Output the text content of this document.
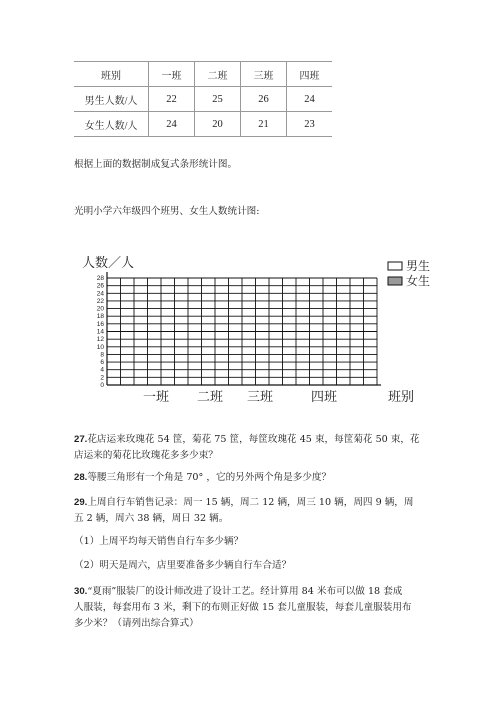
班别	一班	二班	三班	四班
男生人数/人	22	25	26	24
女生人数/人	24	20	21	23
根据上面的数据制成复式条形统计图。
光明小学六年级四个班男、女生人数统计图:
人数／人
0
2
4
6
8
10
12
14
16
18
20
22
24
26
28
一班 二班 三班	四班	班别
男生
女生
27.花店运来玫瑰花 54 筐，菊花 75 筐，每筐玫瑰花 45 束，每筐菊花 50 束，花
店运来的菊花比玫瑰花多多少束？
28.等腰三角形有一个角是 70° ，它的另外两个角是多少度？
29.上周自行车销售记录：周一 15 辆，周二 12 辆，周三 10 辆，周四 9 辆，周
五 2 辆，周六 38 辆，周日 32 辆。
（1）上周平均每天销售自行车多少辆？
（2）明天是周六，店里要准备多少辆自行车合适？
30.“夏雨”服装厂的设计师改进了设计工艺。经计算用 84 米布可以做 18 套成
人服装，每套用布 3 米，剩下的布则正好做 15 套儿童服装，每套儿童服装用布
多少米？（请列出综合算式）
